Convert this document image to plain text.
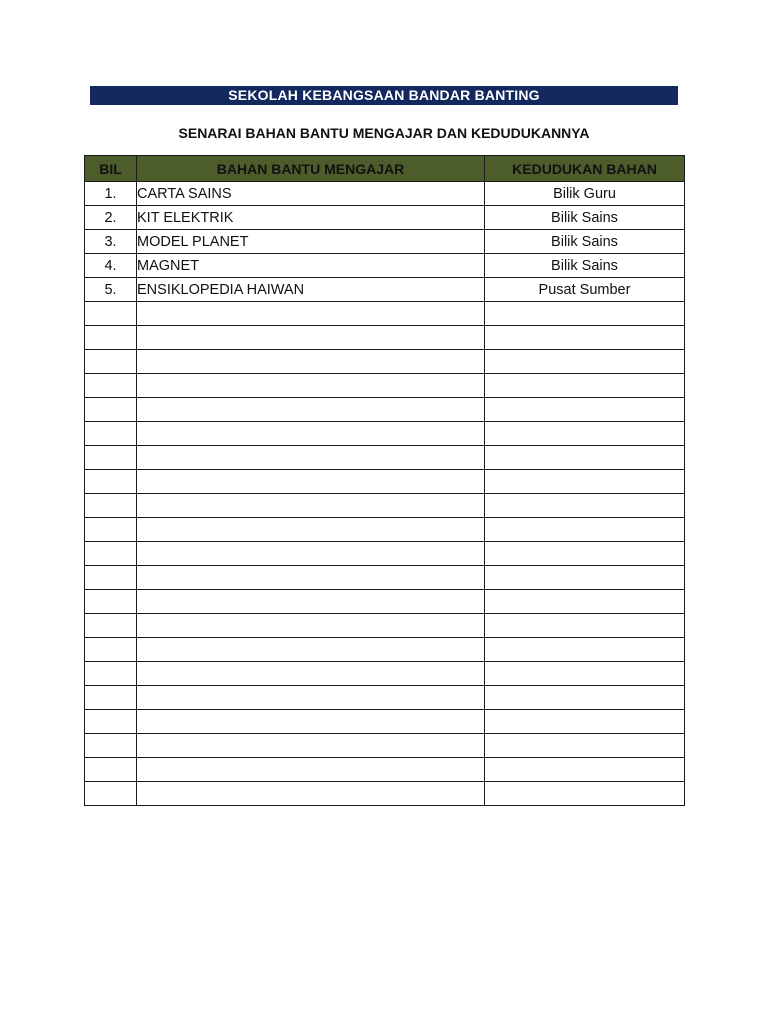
SEKOLAH KEBANGSAAN BANDAR BANTING
SENARAI BAHAN BANTU MENGAJAR DAN KEDUDUKANNYA
BIL	BAHAN BANTU MENGAJAR	KEDUDUKAN BAHAN
1.	CARTA SAINS	Bilik Guru
2.	KIT ELEKTRIK	Bilik Sains
3.	MODEL PLANET	Bilik Sains
4.	MAGNET	Bilik Sains
5.	ENSIKLOPEDIA HAIWAN	Pusat Sumber
